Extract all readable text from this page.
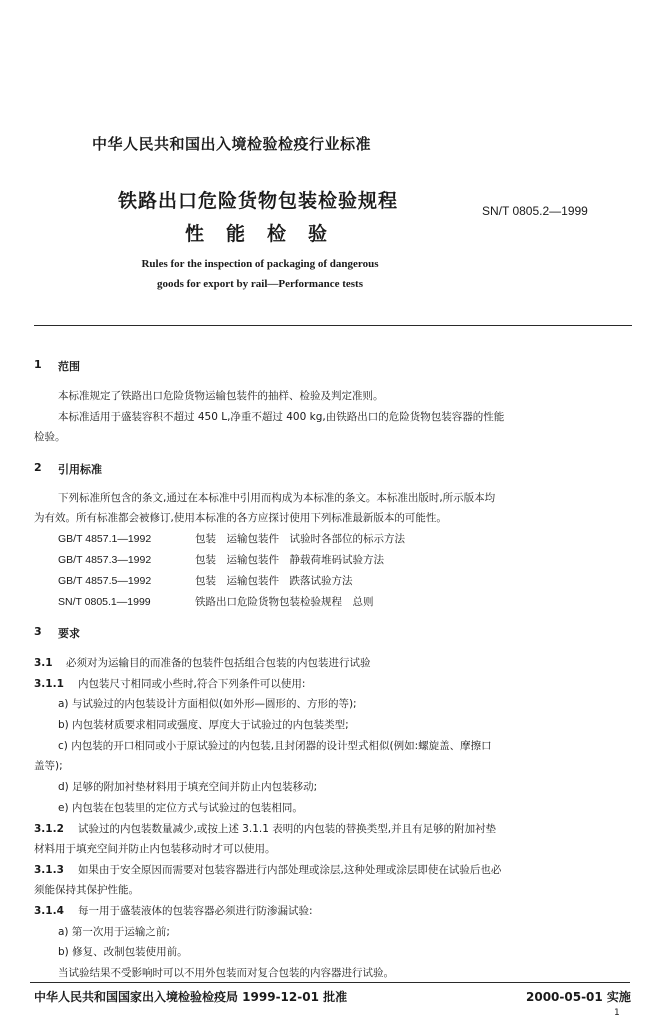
中华人民共和国出入境检验检疫行业标准
铁路出口危险货物包装检验规程
性能检验
SN/T 0805.2—1999
Rules for the inspection of packaging of dangerous
goods for export by rail—Performance tests
1 范围
本标准规定了铁路出口危险货物运输包装件的抽样、检验及判定准则。
本标准适用于盛装容积不超过 450 L,净重不超过 400 kg,由铁路出口的危险货物包装容器的性能
检验。
2 引用标准
下列标准所包含的条文,通过在本标准中引用而构成为本标准的条文。本标准出版时,所示版本均
为有效。所有标准都会被修订,使用本标准的各方应探讨使用下列标准最新版本的可能性。
GB/T 4857.1—1992	包装　运输包装件　试验时各部位的标示方法
GB/T 4857.3—1992	包装　运输包装件　静载荷堆码试验方法
GB/T 4857.5—1992	包装　运输包装件　跌落试验方法
SN/T 0805.1—1999	铁路出口危险货物包装检验规程　总则
3 要求
3.1 必须对为运输目的而准备的包装件包括组合包装的内包装进行试验
3.1.1 内包装尺寸相同或小些时,符合下列条件可以使用:
a) 与试验过的内包装设计方面相似(如外形—圆形的、方形的等);
b) 内包装材质要求相同或强度、厚度大于试验过的内包装类型;
c) 内包装的开口相同或小于原试验过的内包装,且封闭器的设计型式相似(例如:螺旋盖、摩擦口
盖等);
d) 足够的附加衬垫材料用于填充空间并防止内包装移动;
e) 内包装在包装里的定位方式与试验过的包装相同。
3.1.2 试验过的内包装数量减少,或按上述 3.1.1 表明的内包装的替换类型,并且有足够的附加衬垫
材料用于填充空间并防止内包装移动时才可以使用。
3.1.3 如果由于安全原因而需要对包装容器进行内部处理或涂层,这种处理或涂层即使在试验后也必
须能保持其保护性能。
3.1.4 每一用于盛装液体的包装容器必须进行防渗漏试验:
a) 第一次用于运输之前;
b) 修复、改制包装使用前。
当试验结果不受影响时可以不用外包装而对复合包装的内容器进行试验。
中华人民共和国国家出入境检验检疫局 1999-12-01 批准	2000-05-01 实施
1
